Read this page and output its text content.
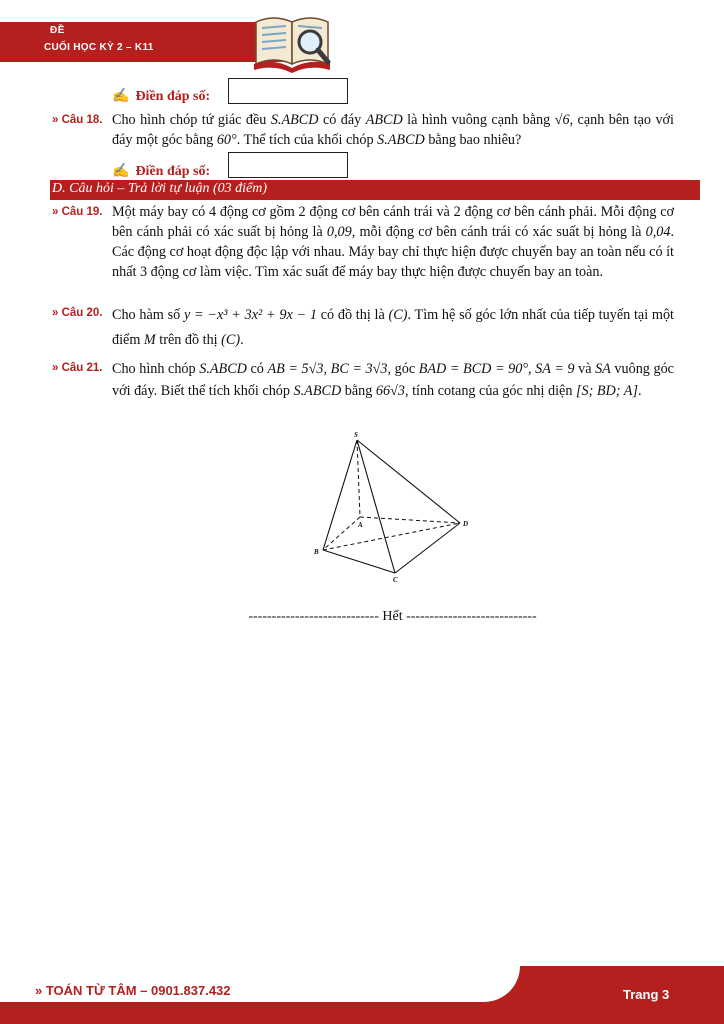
ĐỀ
CUỐI HỌC KỲ 2 – K11
✍ Điền đáp số:
» Câu 18. Cho hình chóp tứ giác đều S.ABCD có đáy ABCD là hình vuông cạnh bằng √6, cạnh bên tạo với đáy một góc bằng 60°. Thể tích của khối chóp S.ABCD bằng bao nhiêu?
✍ Điền đáp số:
D. Câu hỏi – Trả lời tự luận (03 điểm)
» Câu 19. Một máy bay có 4 động cơ gồm 2 động cơ bên cánh trái và 2 động cơ bên cánh phải. Mỗi động cơ bên cánh phải có xác suất bị hỏng là 0,09, mỗi động cơ bên cánh trái có xác suất bị hỏng là 0,04. Các động cơ hoạt động độc lập với nhau. Máy bay chỉ thực hiện được chuyến bay an toàn nếu có ít nhất 3 động cơ làm việc. Tìm xác suất để máy bay thực hiện được chuyến bay an toàn.
» Câu 20. Cho hàm số y = −x³ + 3x² + 9x − 1 có đồ thị là (C). Tìm hệ số góc lớn nhất của tiếp tuyến tại một điểm M trên đồ thị (C).
» Câu 21. Cho hình chóp S.ABCD có AB = 5√3, BC = 3√3, góc BAD = BCD = 90°, SA = 9 và SA vuông góc với đáy. Biết thể tích khối chóp S.ABCD bằng 66√3, tính cotang của góc nhị diện [S; BD; A].
S
A
B
C
D
---------------------------- Hết ----------------------------
» TOÁN TỪ TÂM – 0901.837.432	Trang 3
